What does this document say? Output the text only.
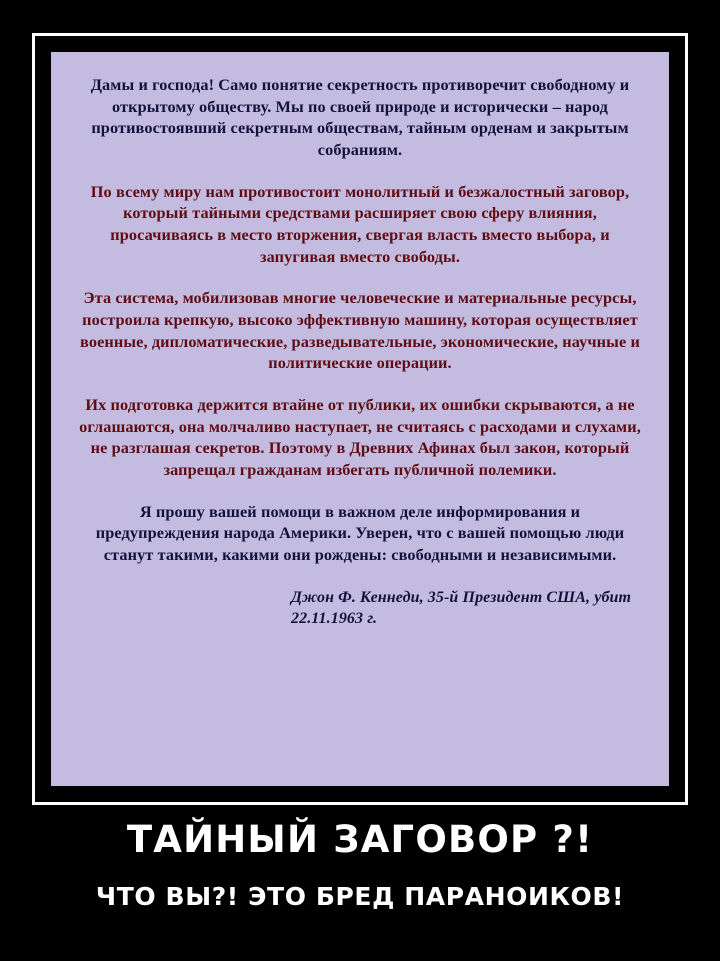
Дамы и господа! Само понятие секретность противоречит свободному и открытому обществу. Мы по своей природе и исторически – народ противостоявший секретным обществам, тайным орденам и закрытым собраниям.

По всему миру нам противостоит монолитный и безжалостный заговор, который тайными средствами расширяет свою сферу влияния, просачиваясь в место вторжения, свергая власть вместо выбора, и запугивая вместо свободы.

Эта система, мобилизовав многие человеческие и материальные ресурсы, построила крепкую, высоко эффективную машину, которая осуществляет военные, дипломатические, разведывательные, экономические, научные и политические операции.

Их подготовка держится втайне от публики, их ошибки скрываются, а не оглашаются, она молчаливо наступает, не считаясь с расходами и слухами, не разглашая секретов. Поэтому в Древних Афинах был закон, который запрещал гражданам избегать публичной полемики.

Я прошу вашей помощи в важном деле информирования и предупреждения народа Америки. Уверен, что с вашей помощью люди станут такими, какими они рождены: свободными и независимыми.

Джон Ф. Кеннеди, 35-й Президент США, убит 22.11.1963 г.

ТАЙНЫЙ ЗАГОВОР ?!

ЧТО ВЫ?! ЭТО БРЕД ПАРАНОИКОВ!
